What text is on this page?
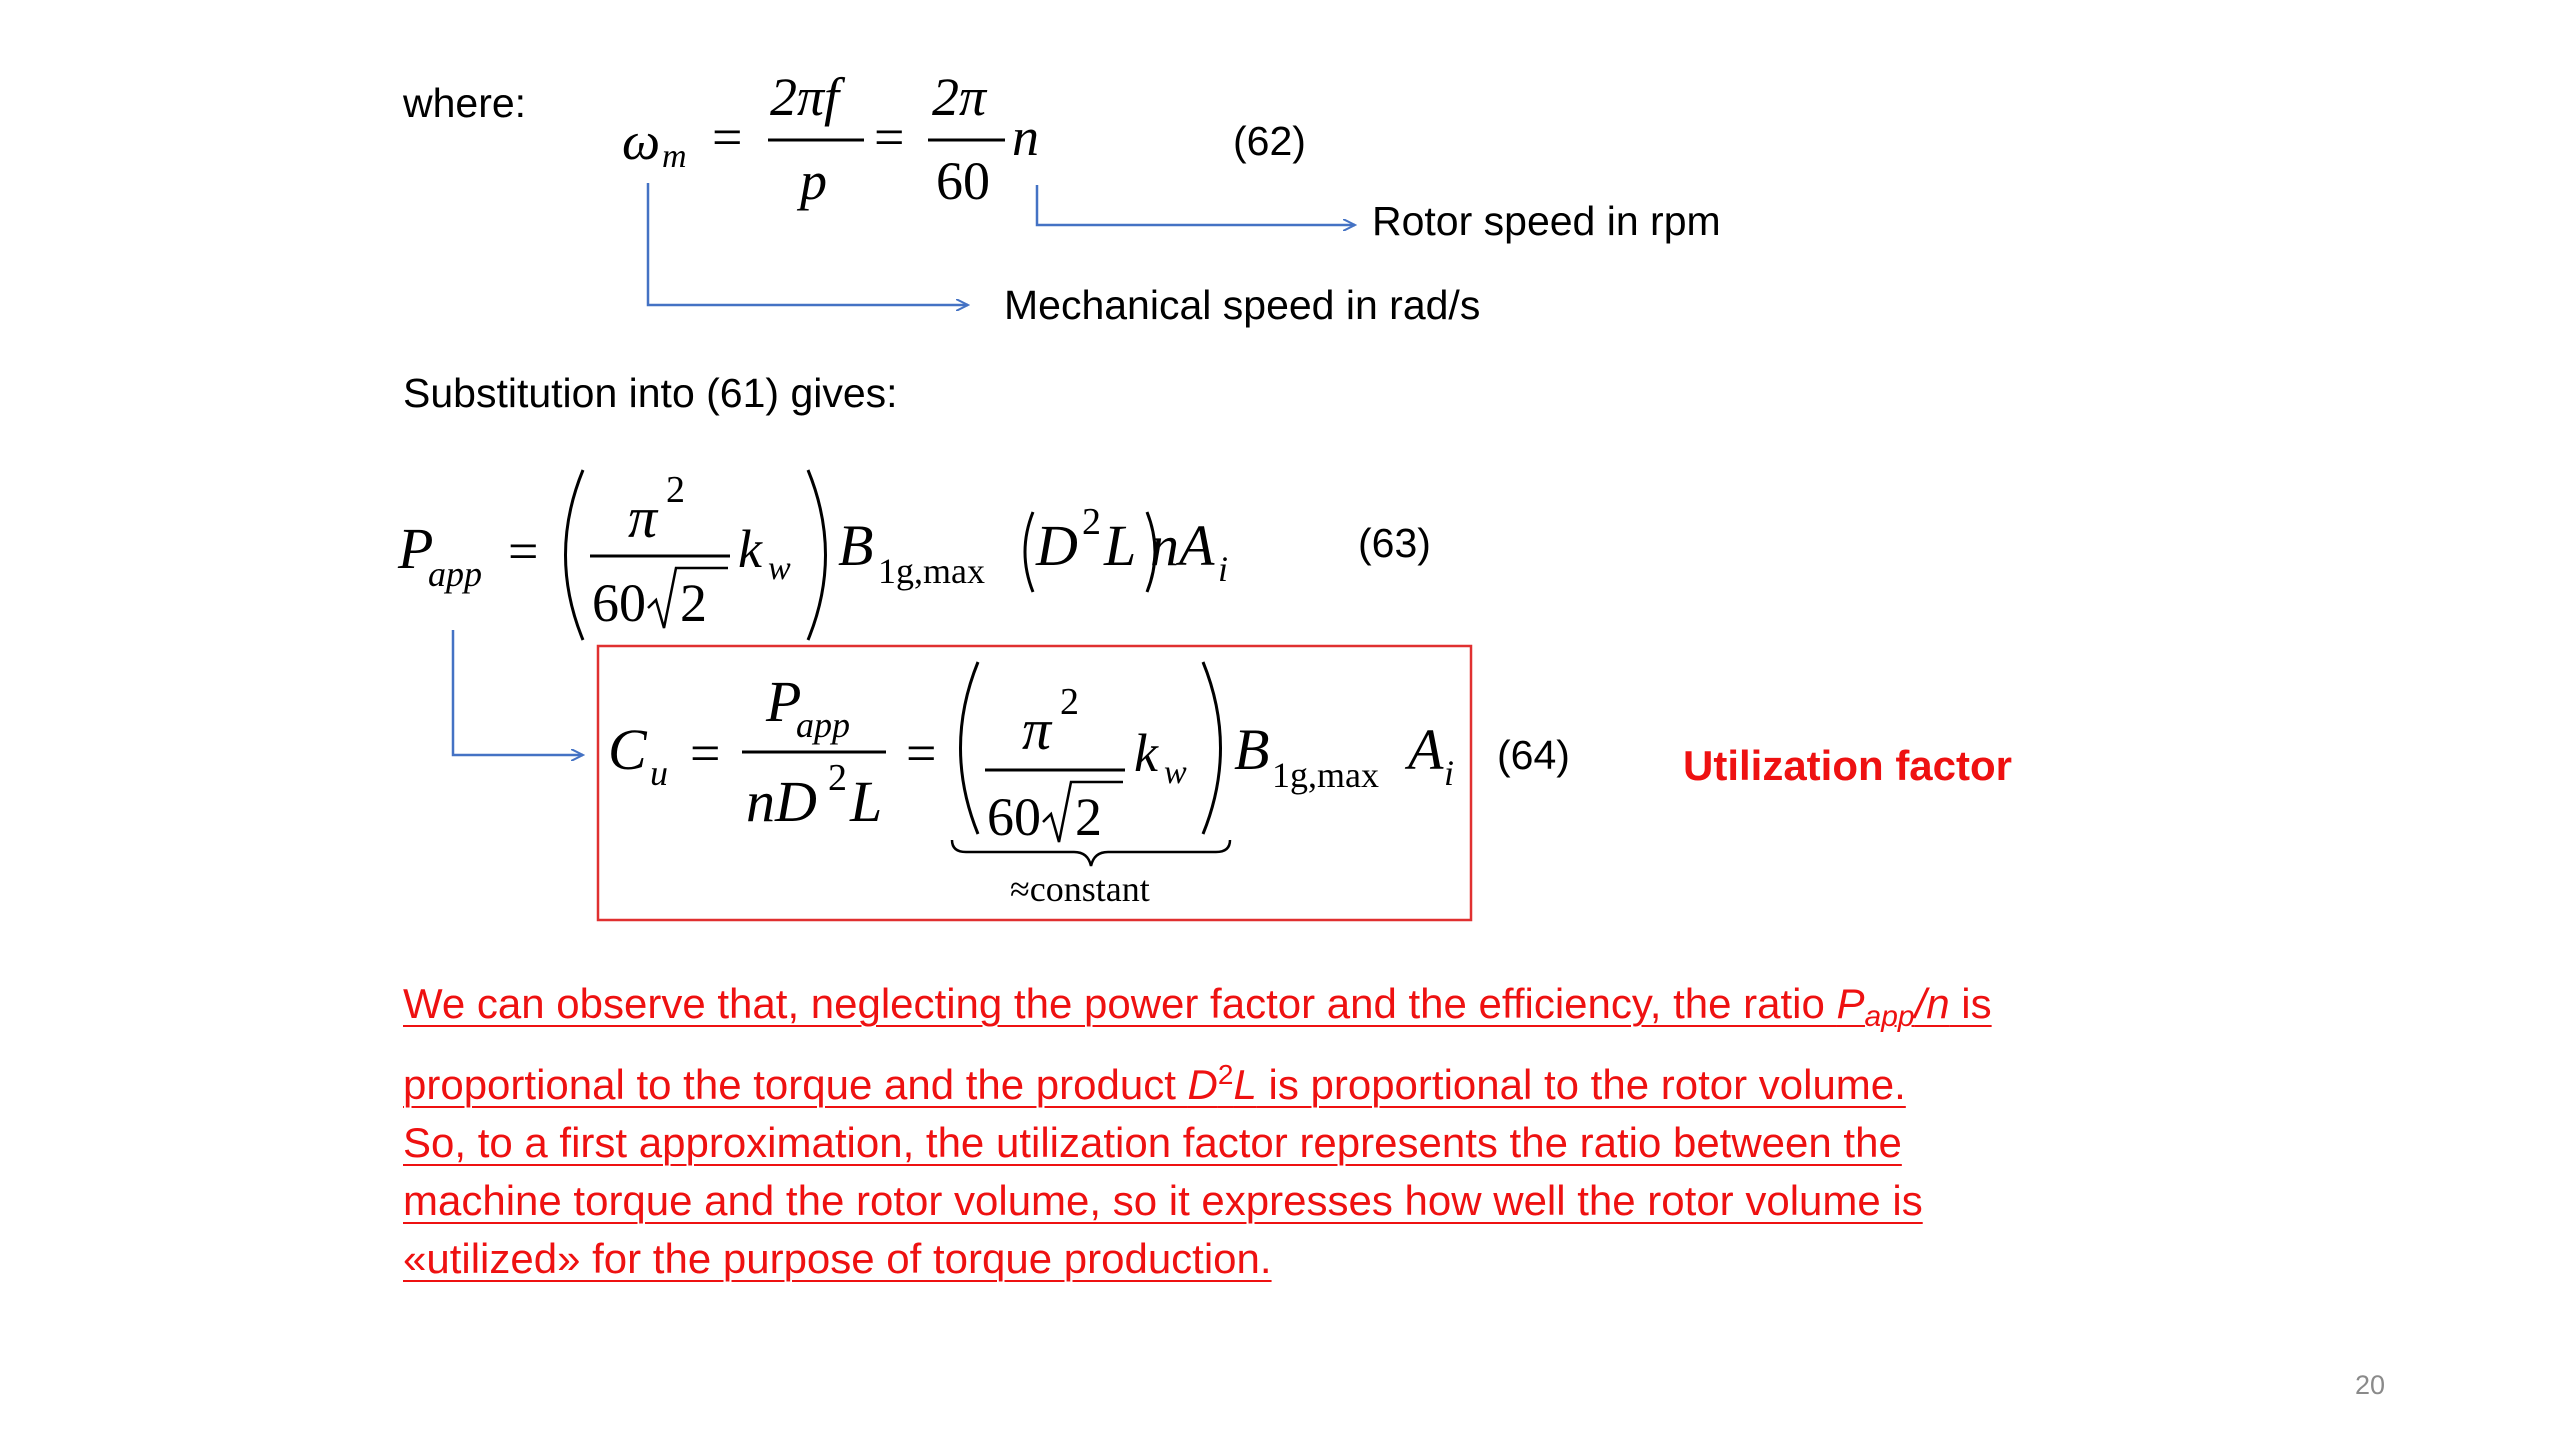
where:
ω m =
2πf
p
=
2π
60
n	(62)
Rotor speed in rpm
Mechanical speed in rad/s
Substitution into (61) gives:
P
app =
π 2
60 2
k w B 1g,max D 2 L nA i
(63)
C u =
P
app
nD 2 L
= π 2
60 2
k w B 1g,max A i
≈constant
(64)	Utilization factor
We can observe that, neglecting the power factor and the efficiency, the ratio Papp/n is
proportional to the torque and the product $D^2L$ is proportional to the rotor volume.
So, to a first approximation, the utilization factor represents the ratio between the
machine torque and the rotor volume, so it expresses how well the rotor volume is
«utilized» for the purpose of torque production.
20
